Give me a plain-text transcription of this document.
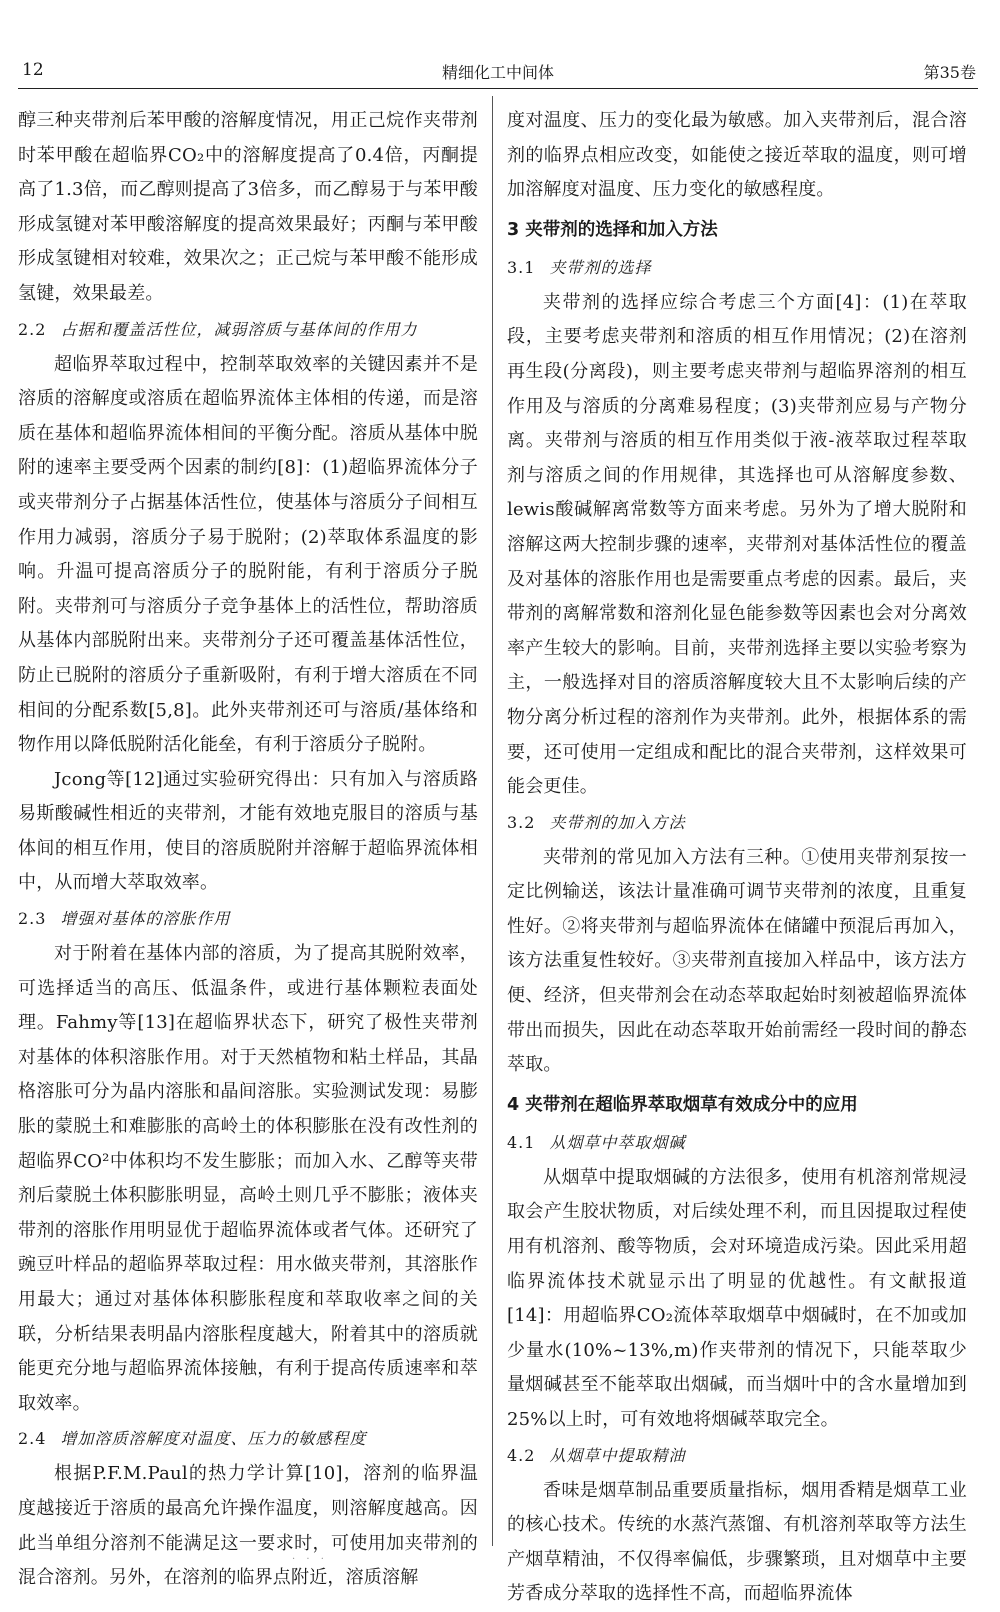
12	精细化工中间体	第35卷

醇三种夹带剂后苯甲酸的溶解度情况，用正己烷作夹带剂时苯甲酸在超临界CO₂中的溶解度提高了0.4倍，丙酮提高了1.3倍，而乙醇则提高了3倍多，而乙醇易于与苯甲酸形成氢键对苯甲酸溶解度的提高效果最好；丙酮与苯甲酸形成氢键相对较难，效果次之；正己烷与苯甲酸不能形成氢键，效果最差。

2.2 占据和覆盖活性位，减弱溶质与基体间的作用力

超临界萃取过程中，控制萃取效率的关键因素并不是溶质的溶解度或溶质在超临界流体主体相的传递，而是溶质在基体和超临界流体相间的平衡分配。溶质从基体中脱附的速率主要受两个因素的制约[8]：(1)超临界流体分子或夹带剂分子占据基体活性位，使基体与溶质分子间相互作用力减弱，溶质分子易于脱附；(2)萃取体系温度的影响。升温可提高溶质分子的脱附能，有利于溶质分子脱附。夹带剂可与溶质分子竞争基体上的活性位，帮助溶质从基体内部脱附出来。夹带剂分子还可覆盖基体活性位，防止已脱附的溶质分子重新吸附，有利于增大溶质在不同相间的分配系数[5,8]。此外夹带剂还可与溶质/基体络和物作用以降低脱附活化能垒，有利于溶质分子脱附。

Jcong等[12]通过实验研究得出：只有加入与溶质路易斯酸碱性相近的夹带剂，才能有效地克服目的溶质与基体间的相互作用，使目的溶质脱附并溶解于超临界流体相中，从而增大萃取效率。

2.3 增强对基体的溶胀作用

对于附着在基体内部的溶质，为了提高其脱附效率，可选择适当的高压、低温条件，或进行基体颗粒表面处理。Fahmy等[13]在超临界状态下，研究了极性夹带剂对基体的体积溶胀作用。对于天然植物和粘土样品，其晶格溶胀可分为晶内溶胀和晶间溶胀。实验测试发现：易膨胀的蒙脱土和难膨胀的高岭土的体积膨胀在没有改性剂的超临界CO²中体积均不发生膨胀；而加入水、乙醇等夹带剂后蒙脱土体积膨胀明显，高岭土则几乎不膨胀；液体夹带剂的溶胀作用明显优于超临界流体或者气体。还研究了豌豆叶样品的超临界萃取过程：用水做夹带剂，其溶胀作用最大；通过对基体体积膨胀程度和萃取收率之间的关联，分析结果表明晶内溶胀程度越大，附着其中的溶质就能更充分地与超临界流体接触，有利于提高传质速率和萃取效率。

2.4 增加溶质溶解度对温度、压力的敏感程度

根据P.F.M.Paul的热力学计算[10]，溶剂的临界温度越接近于溶质的最高允许操作温度，则溶解度越高。因此当单组分溶剂不能满足这一要求时，可使用加夹带剂的混合溶剂。另外，在溶剂的临界点附近，溶质溶解

度对温度、压力的变化最为敏感。加入夹带剂后，混合溶剂的临界点相应改变，如能使之接近萃取的温度，则可增加溶解度对温度、压力变化的敏感程度。

3 夹带剂的选择和加入方法
3.1 夹带剂的选择

夹带剂的选择应综合考虑三个方面[4]：(1)在萃取段，主要考虑夹带剂和溶质的相互作用情况；(2)在溶剂再生段(分离段)，则主要考虑夹带剂与超临界溶剂的相互作用及与溶质的分离难易程度；(3)夹带剂应易与产物分离。夹带剂与溶质的相互作用类似于液-液萃取过程萃取剂与溶质之间的作用规律，其选择也可从溶解度参数、lewis酸碱解离常数等方面来考虑。另外为了增大脱附和溶解这两大控制步骤的速率，夹带剂对基体活性位的覆盖及对基体的溶胀作用也是需要重点考虑的因素。最后，夹带剂的离解常数和溶剂化显色能参数等因素也会对分离效率产生较大的影响。目前，夹带剂选择主要以实验考察为主，一般选择对目的溶质溶解度较大且不太影响后续的产物分离分析过程的溶剂作为夹带剂。此外，根据体系的需要，还可使用一定组成和配比的混合夹带剂，这样效果可能会更佳。

3.2 夹带剂的加入方法

夹带剂的常见加入方法有三种。①使用夹带剂泵按一定比例输送，该法计量准确可调节夹带剂的浓度，且重复性好。②将夹带剂与超临界流体在储罐中预混后再加入，该方法重复性较好。③夹带剂直接加入样品中，该方法方便、经济，但夹带剂会在动态萃取起始时刻被超临界流体带出而损失，因此在动态萃取开始前需经一段时间的静态萃取。

4 夹带剂在超临界萃取烟草有效成分中的应用
4.1 从烟草中萃取烟碱

从烟草中提取烟碱的方法很多，使用有机溶剂常规浸取会产生胶状物质，对后续处理不利，而且因提取过程使用有机溶剂、酸等物质，会对环境造成污染。因此采用超临界流体技术就显示出了明显的优越性。有文献报道[14]：用超临界CO₂流体萃取烟草中烟碱时，在不加或加少量水(10%~13%,m)作夹带剂的情况下，只能萃取少量烟碱甚至不能萃取出烟碱，而当烟叶中的含水量增加到25%以上时，可有效地将烟碱萃取完全。

4.2 从烟草中提取精油

香味是烟草制品重要质量指标，烟用香精是烟草工业的核心技术。传统的水蒸汽蒸馏、有机溶剂萃取等方法生产烟草精油，不仅得率偏低，步骤繁琐，且对烟草中主要芳香成分萃取的选择性不高，而超临界流体

· · ·
